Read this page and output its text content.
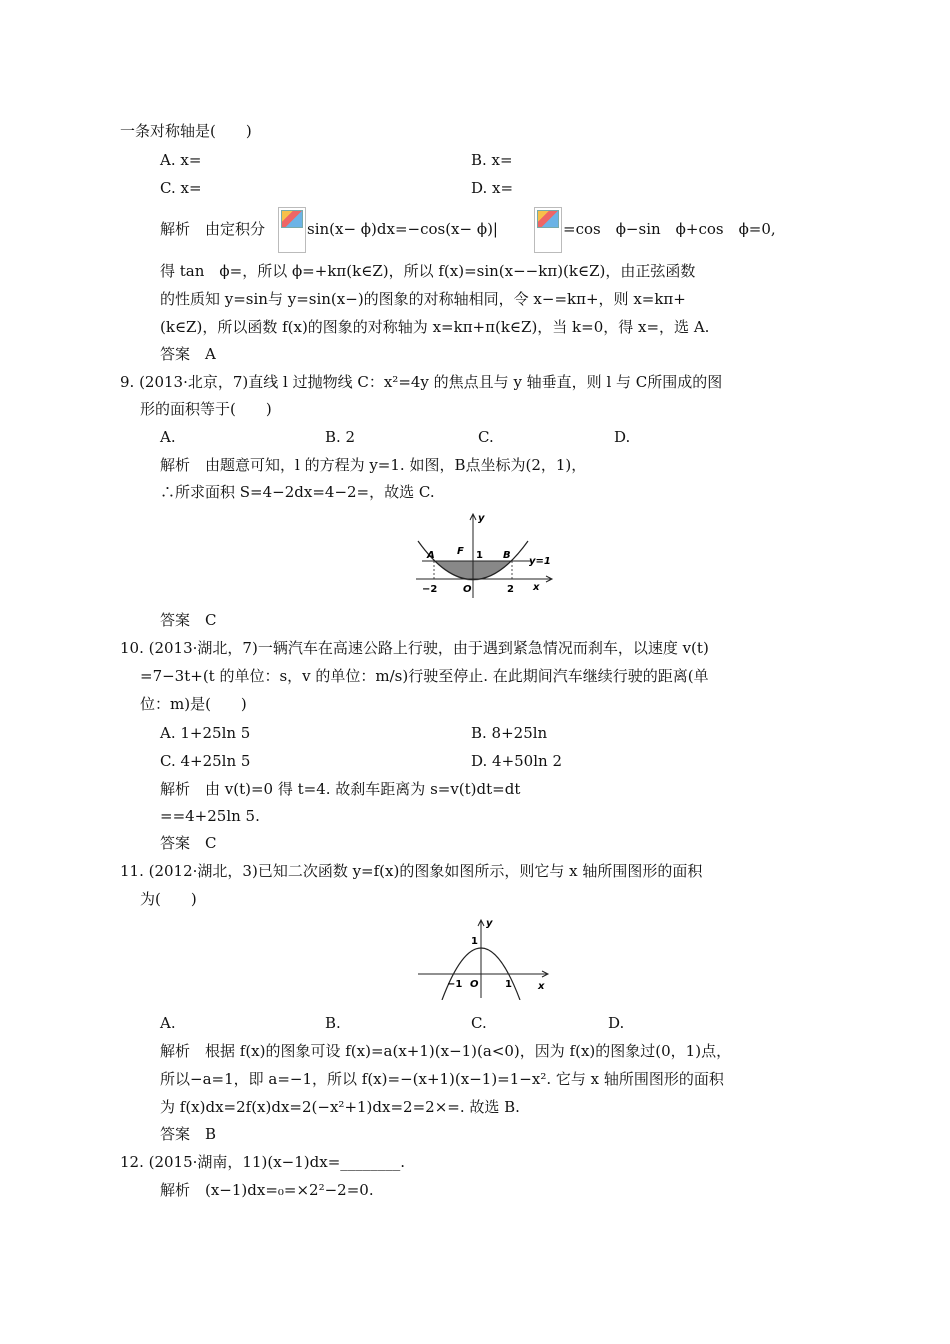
一条对称轴是(　　)
A. x=	B. x=
C. x=	D. x=
解析　由定积分	sin(x− ϕ)dx=−cos(x− ϕ)|	=cos　ϕ−sin　ϕ+cos　ϕ=0,
得 tan　ϕ=，所以 ϕ=+kπ(k∈Z)，所以 f(x)=sin(x−−kπ)(k∈Z)，由正弦函数
的性质知 y=sin与 y=sin(x−)的图象的对称轴相同，令 x−=kπ+，则 x=kπ+
(k∈Z)，所以函数 f(x)的图象的对称轴为 x=kπ+π(k∈Z)，当 k=0，得 x=，选 A.
答案　A
9. (2013·北京，7)直线 l 过抛物线 C：x²=4y 的焦点且与 y 轴垂直，则 l 与 C所围成的图
形的面积等于(　　)
A.	B. 2	C.	D.
解析　由题意可知，l 的方程为 y=1. 如图，B点坐标为(2，1)，
∴所求面积 S=4−2dx=4−2=，故选 C.
y
x
A F 1 B
y=1
−2	O	2
答案　C
10. (2013·湖北，7)一辆汽车在高速公路上行驶，由于遇到紧急情况而刹车，以速度 v(t)
=7−3t+(t 的单位：s，v 的单位：m/s)行驶至停止. 在此期间汽车继续行驶的距离(单
位：m)是(　　)
A. 1+25ln 5	B. 8+25ln
C. 4+25ln 5	D. 4+50ln 2
解析　由 v(t)=0 得 t=4. 故刹车距离为 s=v(t)dt=dt
==4+25ln 5.
答案　C
11. (2012·湖北，3)已知二次函数 y=f(x)的图象如图所示，则它与 x 轴所围图形的面积
为(　　)
y
x
1
−1 O	1
A.	B.	C.	D.
解析　根据 f(x)的图象可设 f(x)=a(x+1)(x−1)(a<0)，因为 f(x)的图象过(0，1)点，
所以−a=1，即 a=−1，所以 f(x)=−(x+1)(x−1)=1−x². 它与 x 轴所围图形的面积
为 f(x)dx=2f(x)dx=2(−x²+1)dx=2=2×=. 故选 B.
答案　B
12. (2015·湖南，11)(x−1)dx=________.
解析　(x−1)dx=₀=×2²−2=0.
